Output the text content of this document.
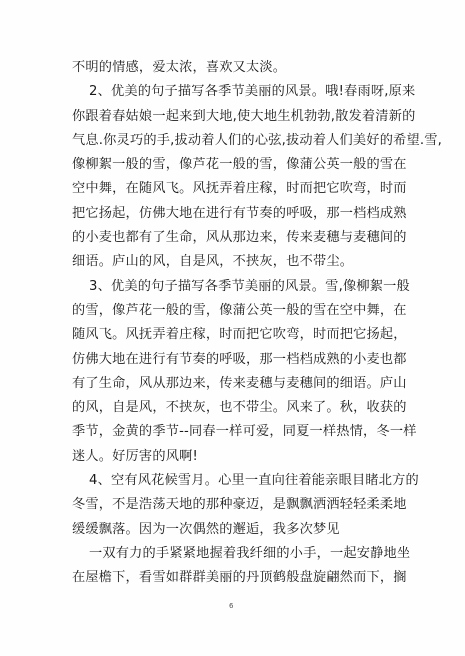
不明的情感，爱太浓，喜欢又太淡。
2、优美的句子描写各季节美丽的风景。哦!春雨呀,原来
你跟着春姑娘一起来到大地,使大地生机勃勃,散发着清新的
气息.你灵巧的手,拔动着人们的心弦,拔动着人们美好的希望.雪,
像柳絮一般的雪，像芦花一般的雪，像蒲公英一般的雪在
空中舞，在随风飞。风抚弄着庄稼，时而把它吹弯，时而
把它扬起，仿佛大地在进行有节奏的呼吸，那一档档成熟
的小麦也都有了生命，风从那边来，传来麦穗与麦穗间的
细语。庐山的风，自是风，不挟灰，也不带尘。
3、优美的句子描写各季节美丽的风景。雪,像柳絮一般
的雪，像芦花一般的雪，像蒲公英一般的雪在空中舞，在
随风飞。风抚弄着庄稼，时而把它吹弯，时而把它扬起，
仿佛大地在进行有节奏的呼吸，那一档档成熟的小麦也都
有了生命，风从那边来，传来麦穗与麦穗间的细语。庐山
的风，自是风，不挟灰，也不带尘。风来了。秋，收获的
季节，金黄的季节--同春一样可爱，同夏一样热情，冬一样
迷人。好厉害的风啊!
4、空有风花候雪月。心里一直向往着能亲眼目睹北方的
冬雪，不是浩荡天地的那种豪迈，是飘飘洒洒轻轻柔柔地
缓缓飘落。因为一次偶然的邂逅，我多次梦见
一双有力的手紧紧地握着我纤细的小手，一起安静地坐
在屋檐下，看雪如群群美丽的丹顶鹤般盘旋翩然而下，搁
6
